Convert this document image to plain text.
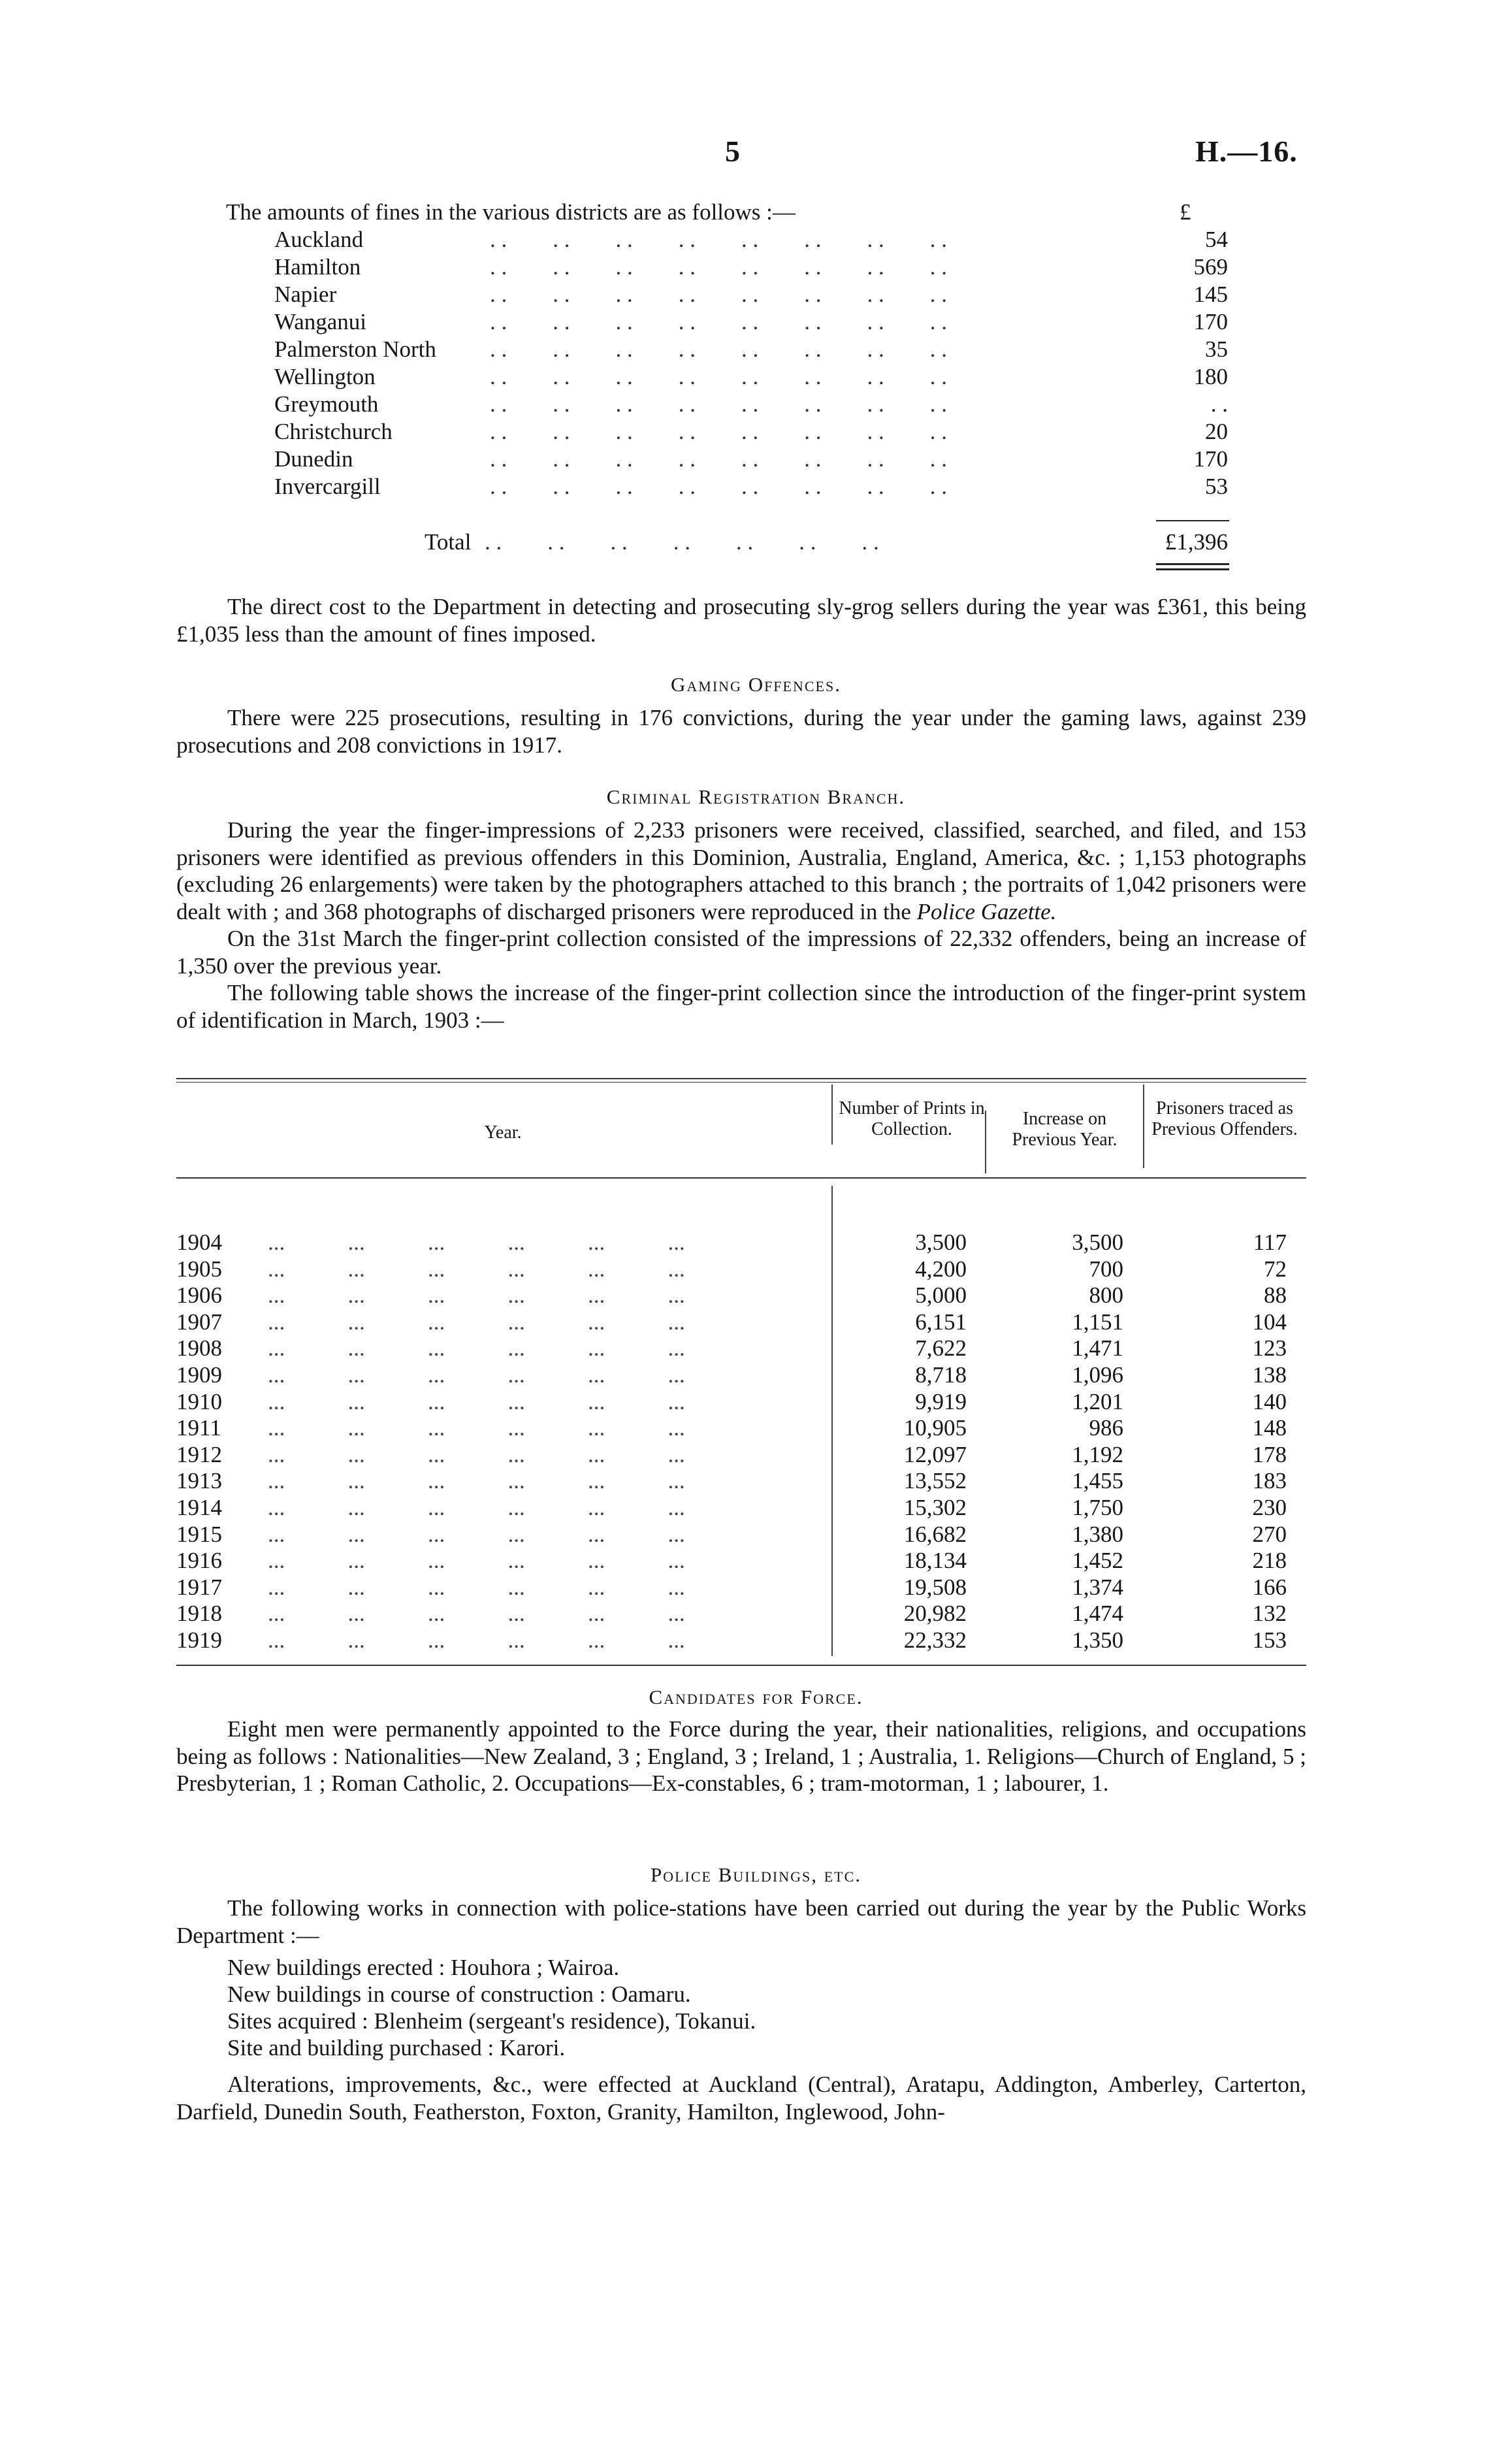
5	H.—16.
The amounts of fines in the various districts are as follows :—	£
Auckland	. .        . .        . .        . .        . .        . .        . .        . .	54
Hamilton	. .        . .        . .        . .        . .        . .        . .        . .	569
Napier	. .        . .        . .        . .        . .        . .        . .        . .	145
Wanganui	. .        . .        . .        . .        . .        . .        . .        . .	170
Palmerston North . .        . .        . .        . .        . .        . .        . .        . .	35
Wellington	. .        . .        . .        . .        . .        . .        . .        . .	180
Greymouth	. .        . .        . .        . .        . .        . .        . .        . .	. .
Christchurch	. .        . .        . .        . .        . .        . .        . .        . .	20
Dunedin	. .        . .        . .        . .        . .        . .        . .        . .	170
Invercargill	. .        . .        . .        . .        . .        . .        . .        . .	53
Total . .        . .        . .        . .        . .        . .        . .	£1,396

The direct cost to the Department in detecting and prosecuting sly-grog sellers during the year was £361, this being £1,035 less than the amount of fines imposed.

Gaming Offences.

There were 225 prosecutions, resulting in 176 convictions, during the year under the gaming laws, against 239 prosecutions and 208 convictions in 1917.

Criminal Registration Branch.

During the year the finger-impressions of 2,233 prisoners were received, classified, searched, and filed, and 153 prisoners were identified as previous offenders in this Dominion, Australia, England, America, &c. ; 1,153 photographs (excluding 26 enlargements) were taken by the photographers attached to this branch ; the portraits of 1,042 prisoners were dealt with ; and 368 photographs of discharged prisoners were reproduced in the Police Gazette.

On the 31st March the finger-print collection consisted of the impressions of 22,332 offenders, being an increase of 1,350 over the previous year.

The following table shows the increase of the finger-print collection since the introduction of the finger-print system of identification in March, 1903 :—

Year.
Number of Prints in Collection.
Increase on Previous Year.
Prisoners traced as Previous Offenders.
1904 ...           ...           ...           ...           ...           ...	3,500	3,500	117
1905 ...           ...           ...           ...           ...           ...	4,200	700	72
1906 ...           ...           ...           ...           ...           ...	5,000	800	88
1907 ...           ...           ...           ...           ...           ...	6,151	1,151	104
1908 ...           ...           ...           ...           ...           ...	7,622	1,471	123
1909 ...           ...           ...           ...           ...           ...	8,718	1,096	138
1910 ...           ...           ...           ...           ...           ...	9,919	1,201	140
1911 ...           ...           ...           ...           ...           ...	10,905	986	148
1912 ...           ...           ...           ...           ...           ...	12,097	1,192	178
1913 ...           ...           ...           ...           ...           ...	13,552	1,455	183
1914 ...           ...           ...           ...           ...           ...	15,302	1,750	230
1915 ...           ...           ...           ...           ...           ...	16,682	1,380	270
1916 ...           ...           ...           ...           ...           ...	18,134	1,452	218
1917 ...           ...           ...           ...           ...           ...	19,508	1,374	166
1918 ...           ...           ...           ...           ...           ...	20,982	1,474	132
1919 ...           ...           ...           ...           ...           ...	22,332	1,350	153
Candidates for Force.

Eight men were permanently appointed to the Force during the year, their nationalities, religions, and occupations being as follows : Nationalities—New Zealand, 3 ; England, 3 ; Ireland, 1 ; Australia, 1. Religions—Church of England, 5 ; Presbyterian, 1 ; Roman Catholic, 2. Occupations—Ex-constables, 6 ; tram-motorman, 1 ; labourer, 1.

Police Buildings, etc.

The following works in connection with police-stations have been carried out during the year by the Public Works Department :—

New buildings erected : Houhora ; Wairoa.
New buildings in course of construction : Oamaru.
Sites acquired : Blenheim (sergeant's residence), Tokanui.
Site and building purchased : Karori.

Alterations, improvements, &c., were effected at Auckland (Central), Aratapu, Addington, Amberley, Carterton, Darfield, Dunedin South, Featherston, Foxton, Granity, Hamilton, Inglewood, John-
